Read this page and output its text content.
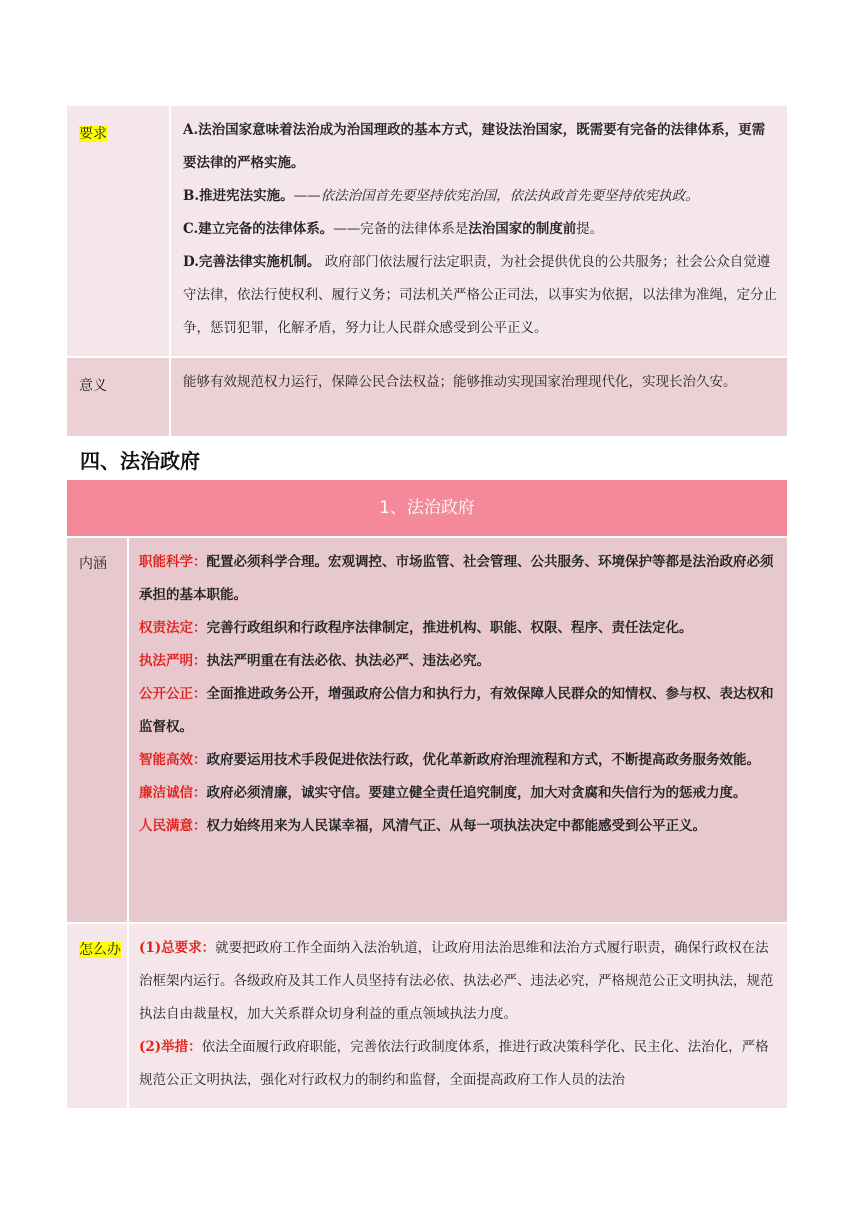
要求	A.法治国家意味着法治成为治国理政的基本方式，建设法治国家，既需要有完备的法律体系，更需要法律的严格实施。

B.推进宪法实施。——依法治国首先要坚持依宪治国，依法执政首先要坚持依宪执政。

C.建立完备的法律体系。——完备的法律体系是法治国家的制度前提。

D.完善法律实施机制。 政府部门依法履行法定职责，为社会提供优良的公共服务；社会公众自觉遵守法律，依法行使权利、履行义务；司法机关严格公正司法，以事实为依据，以法律为准绳，定分止争，惩罚犯罪，化解矛盾，努力让人民群众感受到公平正义。

意义	能够有效规范权力运行，保障公民合法权益；能够推动实现国家治理现代化，实现长治久安。
四、法治政府
1、法治政府
内涵	职能科学：配置必须科学合理。宏观调控、市场监管、社会管理、公共服务、环境保护等都是法治政府必须 承担的基本职能。

权责法定：完善行政组织和行政程序法律制定，推进机构、职能、权限、程序、责任法定化。

执法严明：执法严明重在有法必依、执法必严、违法必究。

公开公正：全面推进政务公开，增强政府公信力和执行力，有效保障人民群众的知情权、参与权、表达权和 监督权。

智能高效：政府要运用技术手段促进依法行政，优化革新政府治理流程和方式，不断提高政务服务效能。

廉洁诚信：政府必须清廉，诚实守信。要建立健全责任追究制度，加大对贪腐和失信行为的惩戒力度。

人民满意：权力始终用来为人民谋幸福，风清气正、从每一项执法决定中都能感受到公平正义。

怎么办	(1)总要求：就要把政府工作全面纳入法治轨道，让政府用法治思维和法治方式履行职责，确保行政权在法治框架内运行。各级政府及其工作人员坚持有法必依、执法必严、违法必究，严格规范公正文明执法，规范执法自由裁量权，加大关系群众切身利益的重点领域执法力度。

(2)举措：依法全面履行政府职能，完善依法行政制度体系，推进行政决策科学化、民主化、法治化，严格规范公正文明执法，强化对行政权力的制约和监督，全面提高政府工作人员的法治
